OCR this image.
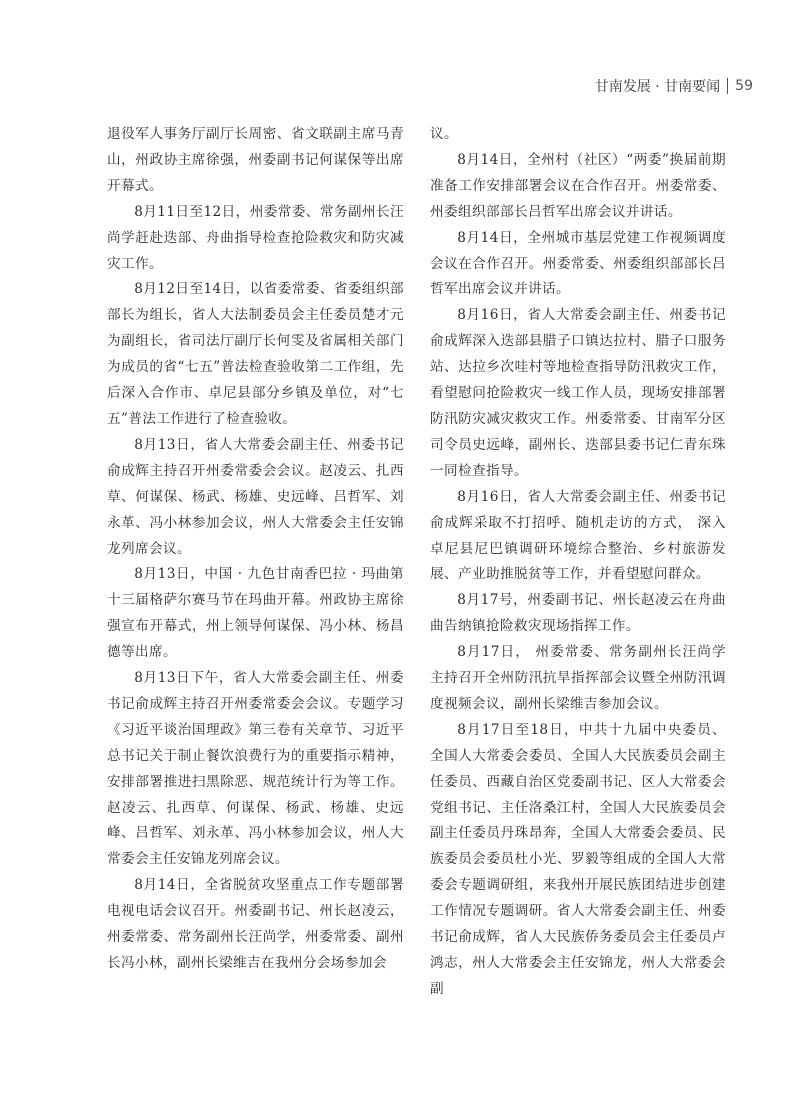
甘南发展 · 甘南要闻 59

退役军人事务厅副厅长周密、省文联副主席马青山，州政协主席徐强，州委副书记何谋保等出席开幕式。

8月11日至12日，州委常委、常务副州长汪尚学赶赴迭部、舟曲指导检查抢险救灾和防灾减灾工作。

8月12日至14日，以省委常委、省委组织部部长为组长，省人大法制委员会主任委员楚才元为副组长，省司法厅副厅长何雯及省属相关部门为成员的省“七五”普法检查验收第二工作组，先后深入合作市、卓尼县部分乡镇及单位，对“七五”普法工作进行了检查验收。

8月13日，省人大常委会副主任、州委书记俞成辉主持召开州委常委会会议。赵凌云、扎西草、何谋保、杨武、杨雄、史远峰、吕哲军、刘永革、冯小林参加会议，州人大常委会主任安锦龙列席会议。

8月13日，中国 · 九色甘南香巴拉 · 玛曲第十三届格萨尔赛马节在玛曲开幕。州政协主席徐强宣布开幕式，州上领导何谋保、冯小林、杨昌德等出席。

8月13日下午，省人大常委会副主任、州委书记俞成辉主持召开州委常委会会议。专题学习《习近平谈治国理政》第三卷有关章节、习近平总书记关于制止餐饮浪费行为的重要指示精神，安排部署推进扫黑除恶、规范统计行为等工作。赵凌云、扎西草、何谋保、杨武、杨雄、史远峰、吕哲军、刘永革、冯小林参加会议，州人大常委会主任安锦龙列席会议。

8月14日，全省脱贫攻坚重点工作专题部署电视电话会议召开。州委副书记、州长赵凌云，州委常委、常务副州长汪尚学，州委常委、副州长冯小林，副州长梁维吉在我州分会场参加会

议。

8月14日，全州村（社区）“两委”换届前期准备工作安排部署会议在合作召开。州委常委、州委组织部部长吕哲军出席会议并讲话。

8月14日，全州城市基层党建工作视频调度会议在合作召开。州委常委、州委组织部部长吕哲军出席会议并讲话。

8月16日，省人大常委会副主任、州委书记俞成辉深入迭部县腊子口镇达拉村、腊子口服务站、达拉乡次哇村等地检查指导防汛救灾工作，看望慰问抢险救灾一线工作人员，现场安排部署防汛防灾减灾救灾工作。州委常委、甘南军分区司令员史远峰，副州长、迭部县委书记仁青东珠一同检查指导。

8月16日，省人大常委会副主任、州委书记俞成辉采取不打招呼、随机走访的方式， 深入卓尼县尼巴镇调研环境综合整治、乡村旅游发展、产业助推脱贫等工作，并看望慰问群众。

8月17号，州委副书记、州长赵凌云在舟曲曲告纳镇抢险救灾现场指挥工作。

8月17日， 州委常委、常务副州长汪尚学主持召开全州防汛抗旱指挥部会议暨全州防汛调度视频会议，副州长梁维吉参加会议。

8月17日至18日，中共十九届中央委员、全国人大常委会委员、全国人大民族委员会副主任委员、西藏自治区党委副书记、区人大常委会党组书记、主任洛桑江村，全国人大民族委员会副主任委员丹珠昂奔，全国人大常委会委员、民族委员会委员杜小光、罗毅等组成的全国人大常委会专题调研组，来我州开展民族团结进步创建工作情况专题调研。省人大常委会副主任、州委书记俞成辉，省人大民族侨务委员会主任委员卢鸿志，州人大常委会主任安锦龙，州人大常委会副
